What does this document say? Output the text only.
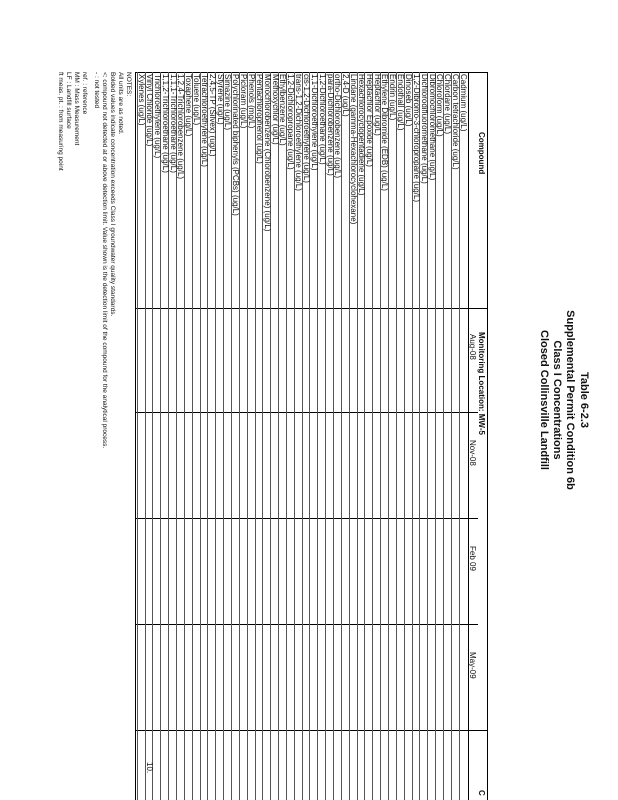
Table 6-2.3
Supplemental Permit Condition 6b
Class I Concentrations
Closed Collinsville Landfill
Compound
Monitoring Location: MW-5
Aug-08
Nov-08
Feb 09
May-09
C
Cadmium (ug/L)
Carbon tetrachloride (ug/L)
Chlordane (ug/L)
Chloroform (ug/L)
Dibromochloromethane (ug/L)
Dichlorodifluoromethane (ug/L)
1,2-Dibromo-3-chloropropane (ug/L)
Dinoseb (ug/L)
Endothall (ug/L)
Endrin (ug/L)
Ethylene Dibromide (EDB) (ug/L)
Heptachlor (ug/L)
Heptachlor Epoxide (ug/L)
Hexachlorocyclopentadiene (ug/L)
Lindane (gamma-Hexachlorocyclohexane)
2,4-D (ug/L)
ortho-Dichlorobenzene (ug/L)
para-Dichlorobenzene (ug/L)
1,2-Dichloroethane (ug/L)
1,1-Dichloroethylene (ug/L)
cis-1,2-Dichloroethylene (ug/L)
trans-1,2-Dichloroethylene (ug/L)
1,2-Dichloropropane (ug/L)
Ethylbenzene (ug/L)
Methoxychlor (ug/L)
Monochlorobenzene (Chlorobenzene) (ug/L)
Pentachlorophenol (ug/L)
Phenols (mg/L)
Picloram (ug/L)
Polychlorinated biphenyls (PCBs) (ug/L)
Simazine (ug/L)
Styrene (ug/L)
2,4,5-TP (Silvex) (ug/L)
Tetrachloroethylene (ug/L)
Toluene (ug/L)
Toxaphene (ug/L)
1,2,4-Trichlorobenzene (ug/L)
1,1,1-Trichloroethane (ug/L)
1,1,2-Trichloroethane (ug/L)
Trichloroethylene (ug/L)
Vinyl Chloride (ug/L)
Xylenes (ug/L)
10.
NOTES:
All units are as noted.
Bolded values indicate concentration exceeds Class I groundwater quality standards.
<: compound not detected at or above detection limit. Value shown is the detection limit of the compound for the analytical process.
- : not tested
ref. : reference
MM : Mass Measurement
LF : Landfill surface
ft meas. pt. : from measuring point
